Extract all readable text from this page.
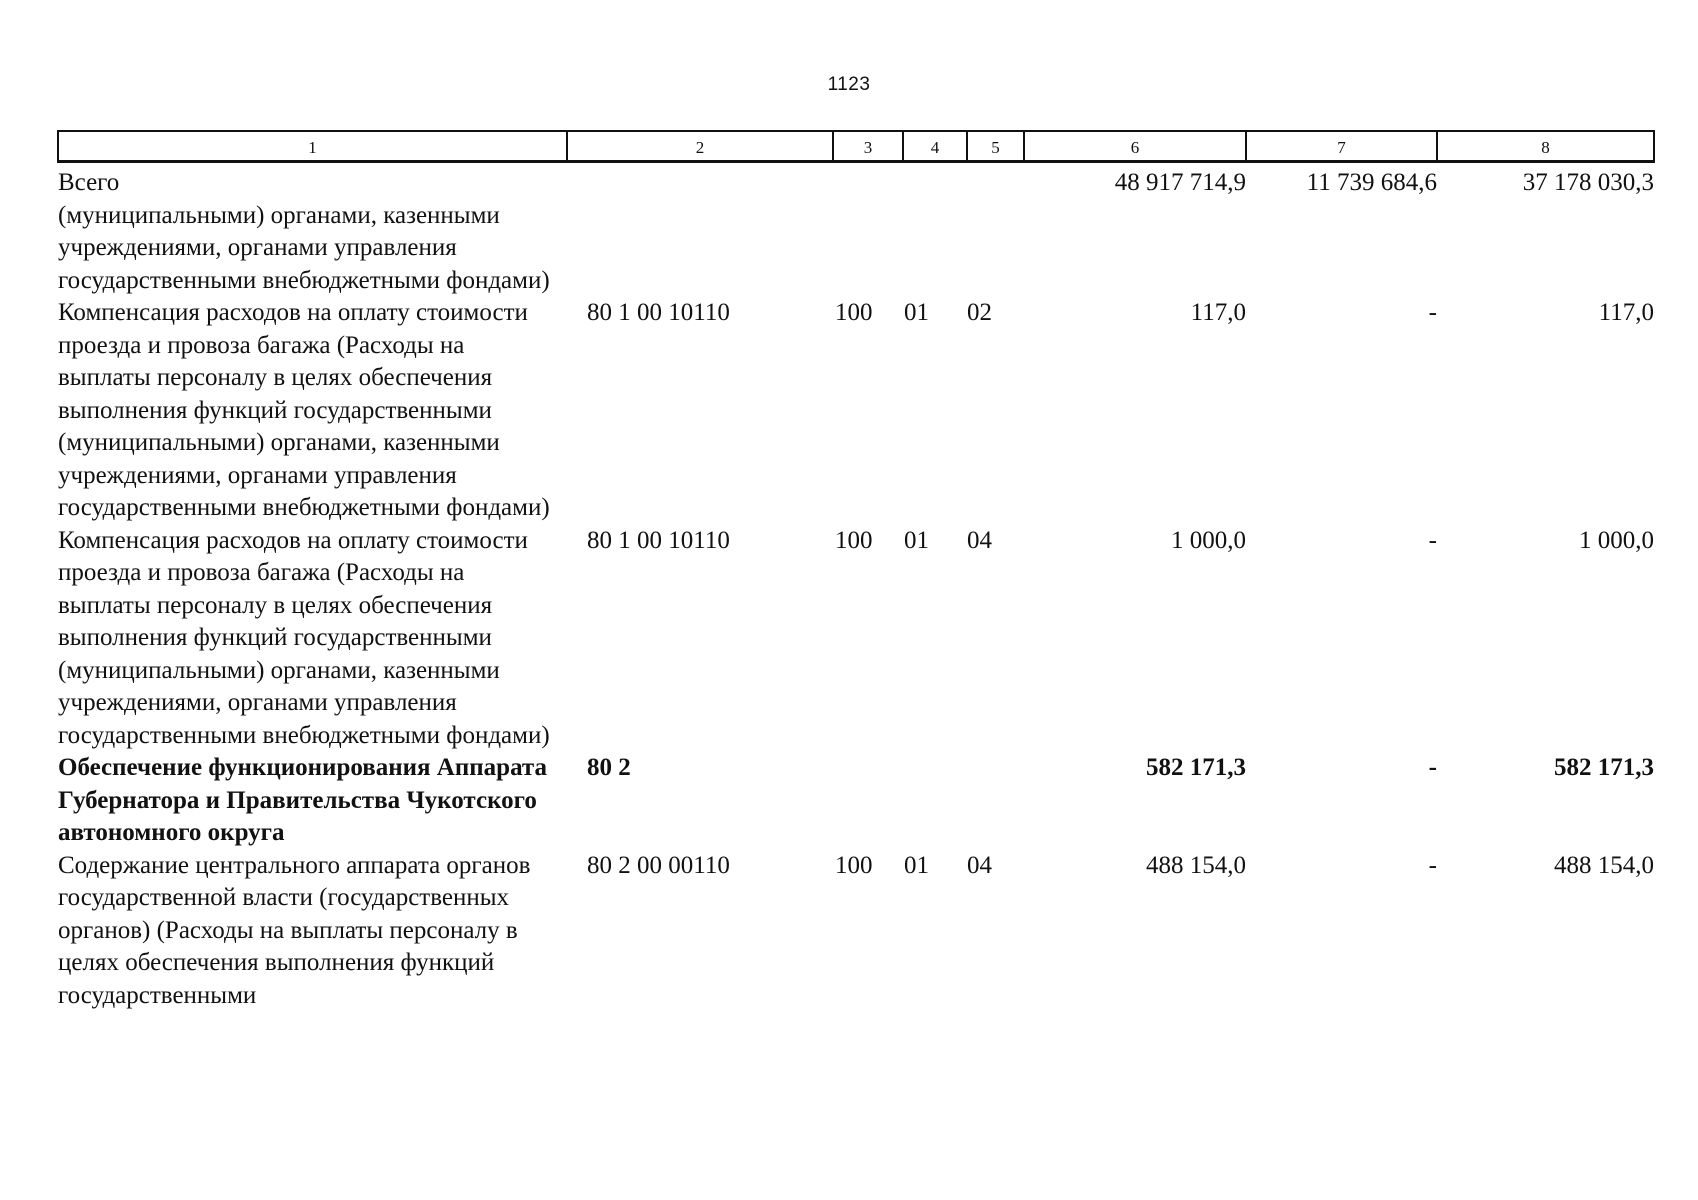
1123
1	2	3	4	5	6	7	8
Всего					48 917 714,9	11 739 684,6	37 178 030,3
(муниципальными) органами, казенными учреждениями, органами управления государственными внебюджетными фондами)							
Компенсация расходов на оплату стоимости проезда и провоза багажа (Расходы на выплаты персоналу в целях обеспечения выполнения функций государственными (муниципальными) органами, казенными учреждениями, органами управления государственными внебюджетными фондами)	80 1 00 10110	100	01	02	117,0	-	117,0
Компенсация расходов на оплату стоимости проезда и провоза багажа (Расходы на выплаты персоналу в целях обеспечения выполнения функций государственными (муниципальными) органами, казенными учреждениями, органами управления государственными внебюджетными фондами)	80 1 00 10110	100	01	04	1 000,0	-	1 000,0
Обеспечение функционирования Аппарата Губернатора и Правительства Чукотского автономного округа	80 2				582 171,3	-	582 171,3
Содержание центрального аппарата органов государственной власти (государственных органов) (Расходы на выплаты персоналу в целях обеспечения выполнения функций государственными	80 2 00 00110	100	01	04	488 154,0	-	488 154,0
